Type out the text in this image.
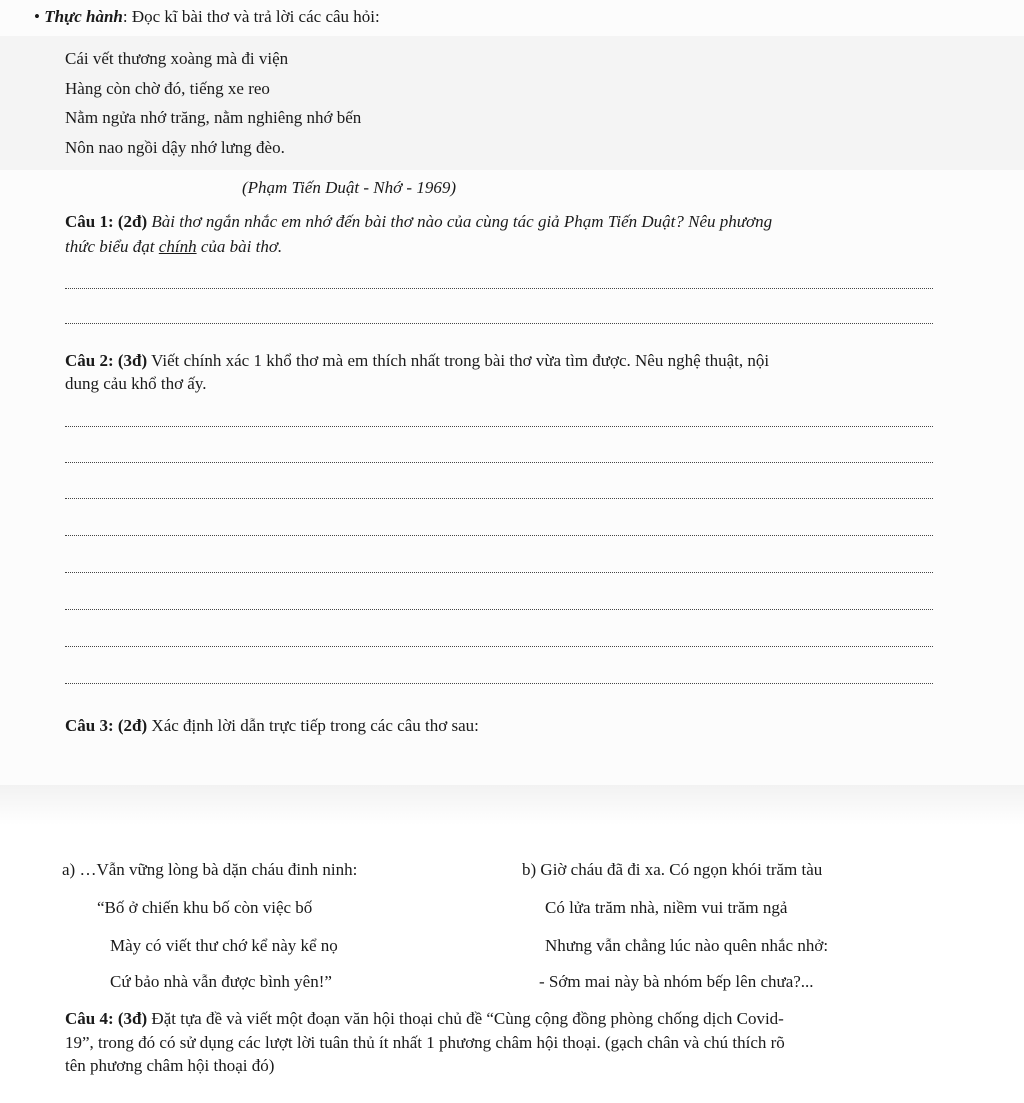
• Thực hành: Đọc kĩ bài thơ và trả lời các câu hỏi:
Cái vết thương xoàng mà đi viện
Hàng còn chờ đó, tiếng xe reo
Nằm ngửa nhớ trăng, nằm nghiêng nhớ bến
Nôn nao ngồi dậy nhớ lưng đèo.
(Phạm Tiến Duật - Nhớ - 1969)
Câu 1: (2đ) Bài thơ ngắn nhắc em nhớ đến bài thơ nào của cùng tác giả Phạm Tiến Duật? Nêu phương
thức biểu đạt chính của bài thơ.
Câu 2: (3đ) Viết chính xác 1 khổ thơ mà em thích nhất trong bài thơ vừa tìm được. Nêu nghệ thuật, nội
dung cảu khổ thơ ấy.
Câu 3: (2đ) Xác định lời dẫn trực tiếp trong các câu thơ sau:
a) …Vẫn vững lòng bà dặn cháu đinh ninh:
“Bố ở chiến khu bố còn việc bố
Mày có viết thư chớ kể này kể nọ
Cứ bảo nhà vẫn được bình yên!”
b) Giờ cháu đã đi xa. Có ngọn khói trăm tàu
Có lửa trăm nhà, niềm vui trăm ngả
Nhưng vẫn chẳng lúc nào quên nhắc nhở:
- Sớm mai này bà nhóm bếp lên chưa?...
Câu 4: (3đ) Đặt tựa đề và viết một đoạn văn hội thoại chủ đề “Cùng cộng đồng phòng chống dịch Covid-
19”, trong đó có sử dụng các lượt lời tuân thủ ít nhất 1 phương châm hội thoại. (gạch chân và chú thích rõ
tên phương châm hội thoại đó)
